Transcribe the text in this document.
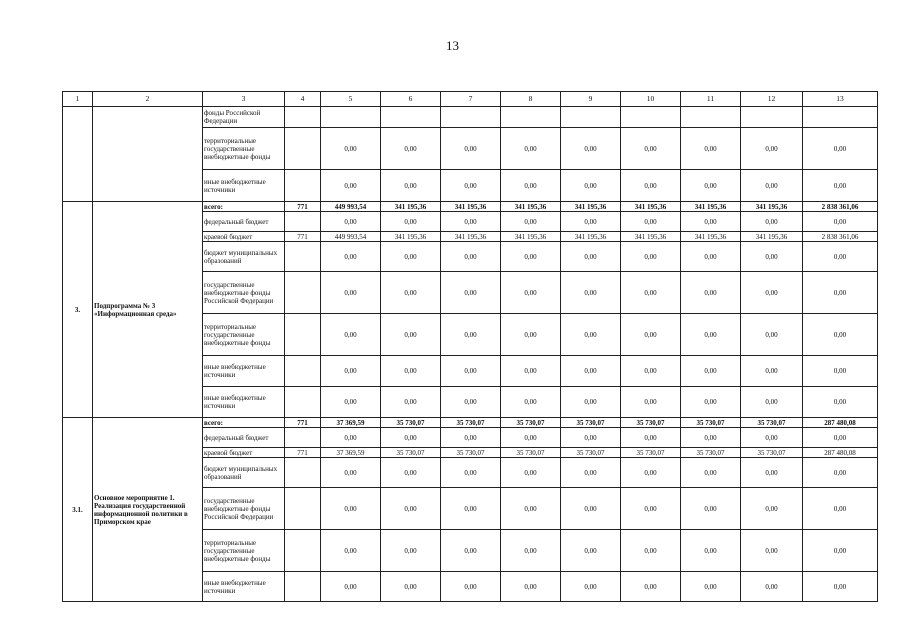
13
1	2	3	4	5	6	7	8	9	10	11	12	13
		фонды Российской Федерации										
		территориальные государственные внебюджетные фонды		0,00	0,00	0,00	0,00	0,00	0,00	0,00	0,00	0,00
		иные внебюджетные источники		0,00	0,00	0,00	0,00	0,00	0,00	0,00	0,00	0,00
3.	Подпрограмма № 3 «Информационная среда»	всего:	771	449 993,54	341 195,36	341 195,36	341 195,36	341 195,36	341 195,36	341 195,36	341 195,36	2 838 361,06
		федеральный бюджет		0,00	0,00	0,00	0,00	0,00	0,00	0,00	0,00	0,00
		краевой бюджет	771	449 993,54	341 195,36	341 195,36	341 195,36	341 195,36	341 195,36	341 195,36	341 195,36	2 838 361,06
		бюджет муниципальных образований		0,00	0,00	0,00	0,00	0,00	0,00	0,00	0,00	0,00
		государственные внебюджетные фонды Российской Федерации		0,00	0,00	0,00	0,00	0,00	0,00	0,00	0,00	0,00
		территориальные государственные внебюджетные фонды		0,00	0,00	0,00	0,00	0,00	0,00	0,00	0,00	0,00
		иные внебюджетные источники		0,00	0,00	0,00	0,00	0,00	0,00	0,00	0,00	0,00
		иные внебюджетные источники		0,00	0,00	0,00	0,00	0,00	0,00	0,00	0,00	0,00
3.1.	Основное мероприятие 1. Реализация государственной информационной политики в Приморском крае	всего:	771	37 369,59	35 730,07	35 730,07	35 730,07	35 730,07	35 730,07	35 730,07	35 730,07	287 480,08
		федеральный бюджет		0,00	0,00	0,00	0,00	0,00	0,00	0,00	0,00	0,00
		краевой бюджет	771	37 369,59	35 730,07	35 730,07	35 730,07	35 730,07	35 730,07	35 730,07	35 730,07	287 480,08
		бюджет муниципальных образований		0,00	0,00	0,00	0,00	0,00	0,00	0,00	0,00	0,00
		государственные внебюджетные фонды Российской Федерации		0,00	0,00	0,00	0,00	0,00	0,00	0,00	0,00	0,00
		территориальные государственные внебюджетные фонды		0,00	0,00	0,00	0,00	0,00	0,00	0,00	0,00	0,00
		иные внебюджетные источники		0,00	0,00	0,00	0,00	0,00	0,00	0,00	0,00	0,00
